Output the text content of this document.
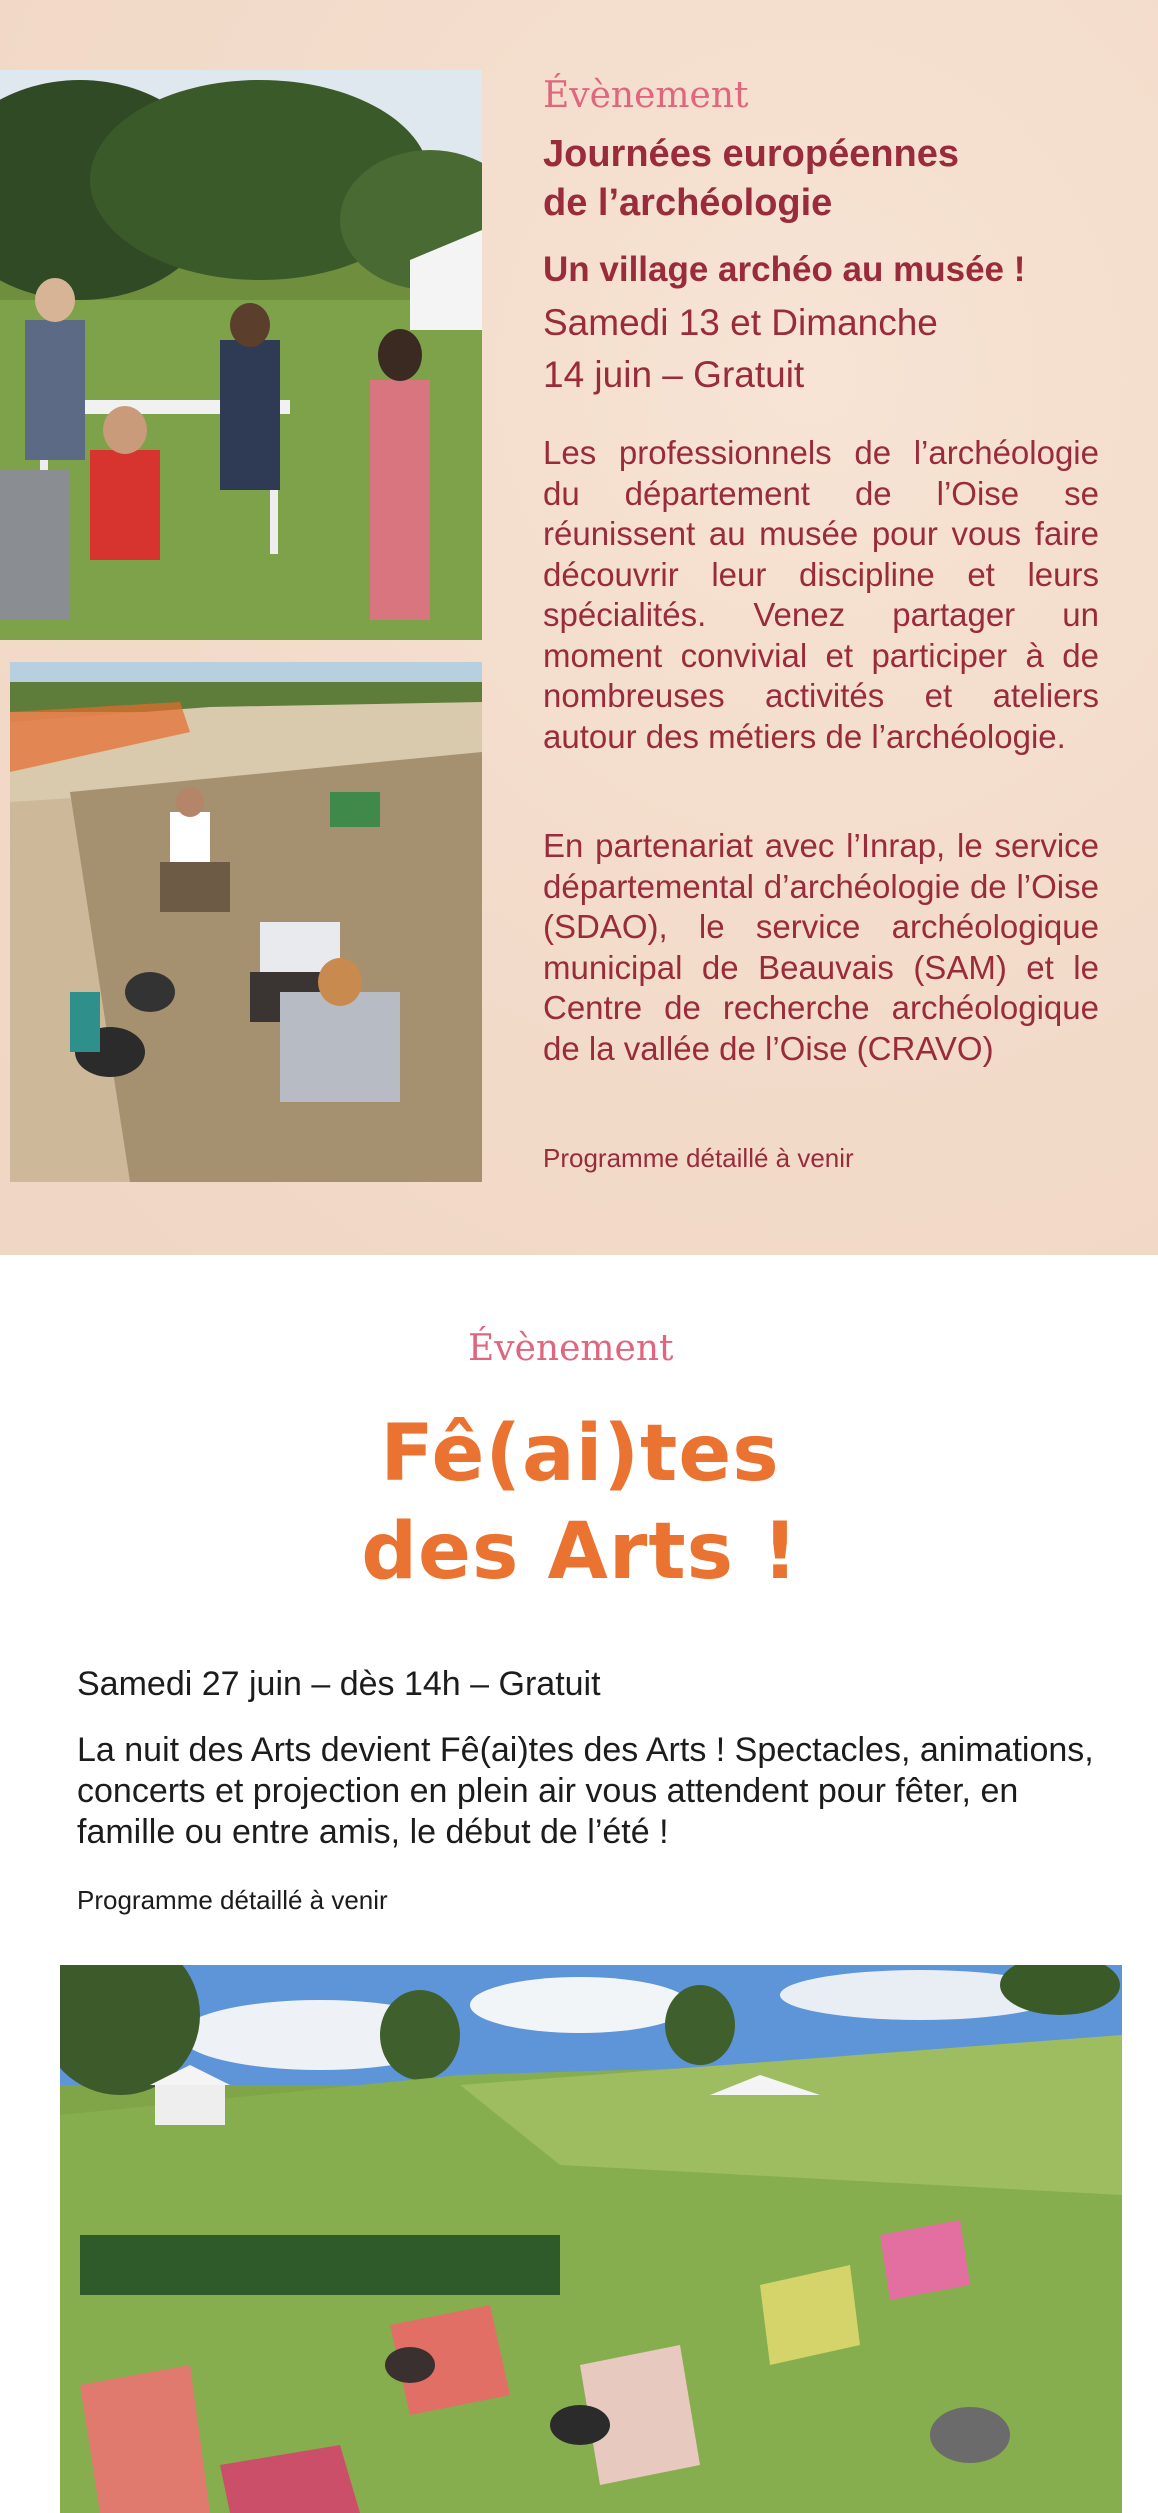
Évènement

Journées européennes
de l’archéologie

Un village archéo au musée !

Samedi 13 et Dimanche
14 juin – Gratuit

Les professionnels de l’archéologie du département de l’Oise se réunissent au musée pour vous faire découvrir leur discipline et leurs spécialités. Venez partager un moment convivial et participer à de nombreuses activités et ateliers autour des métiers de l’archéologie.

En partenariat avec l’Inrap, le service départemental d’archéologie de l’Oise (SDAO), le service archéologique municipal de Beauvais (SAM) et le Centre de recherche archéologique de la vallée de l’Oise (CRAVO)

Programme détaillé à venir

Évènement

Fê(ai)tes
des Arts !

Samedi 27 juin – dès 14h – Gratuit

La nuit des Arts devient Fê(ai)tes des Arts ! Spectacles, animations, concerts et projection en plein air vous attendent pour fêter, en famille ou entre amis, le début de l’été !

Programme détaillé à venir
